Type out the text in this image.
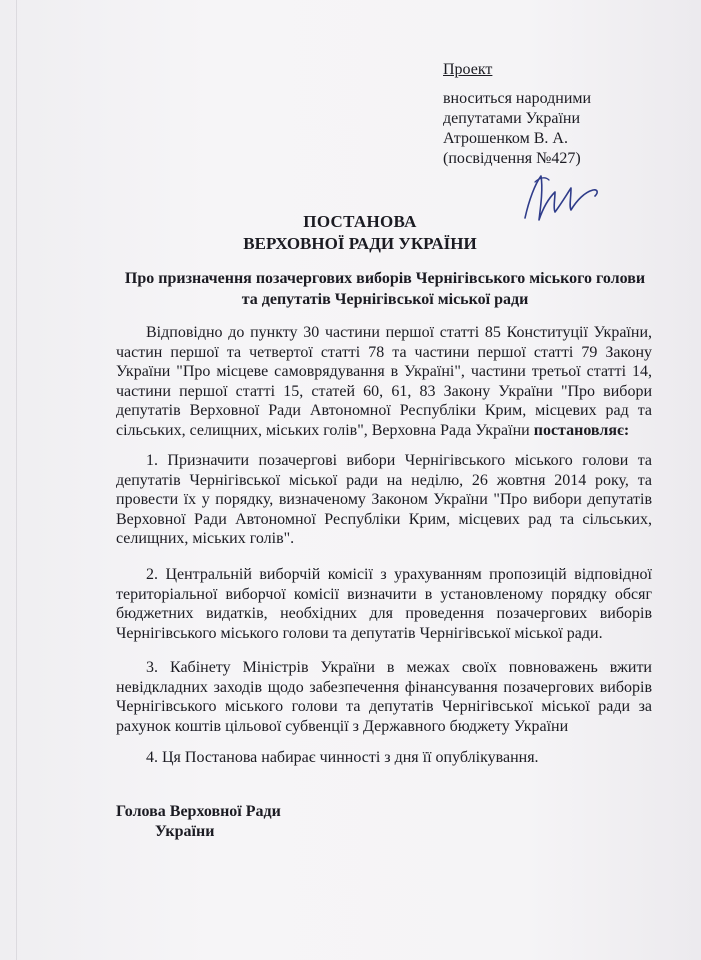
Проект
вноситься народними
депутатами України
Атрошенком В. А.
(посвідчення №427)
ПОСТАНОВА
ВЕРХОВНОЇ РАДИ УКРАЇНИ
Про призначення позачергових виборів Чернігівського міського голови
та депутатів Чернігівської міської ради
Відповідно до пункту 30 частини першої статті 85 Конституції України, частин першої та четвертої статті 78 та частини першої статті 79 Закону України "Про місцеве самоврядування в Україні", частини третьої статті 14, частини першої статті 15, статей 60, 61, 83 Закону України "Про вибори депутатів Верховної Ради Автономної Республіки Крим, місцевих рад та сільських, селищних, міських голів", Верховна Рада України постановляє:
1. Призначити позачергові вибори Чернігівського міського голови та депутатів Чернігівської міської ради на неділю, 26 жовтня 2014 року, та провести їх у порядку, визначеному Законом України "Про вибори депутатів Верховної Ради Автономної Республіки Крим, місцевих рад та сільських, селищних, міських голів".
2. Центральній виборчій комісії з урахуванням пропозицій відповідної територіальної виборчої комісії визначити в установленому порядку обсяг бюджетних видатків, необхідних для проведення позачергових виборів Чернігівського міського голови та депутатів Чернігівської міської ради.
3. Кабінету Міністрів України в межах своїх повноважень вжити невідкладних заходів щодо забезпечення фінансування позачергових виборів Чернігівського міського голови та депутатів Чернігівської міської ради за рахунок коштів цільової субвенції з Державного бюджету України
4. Ця Постанова набирає чинності з дня її опублікування.
Голова Верховної Ради
України
